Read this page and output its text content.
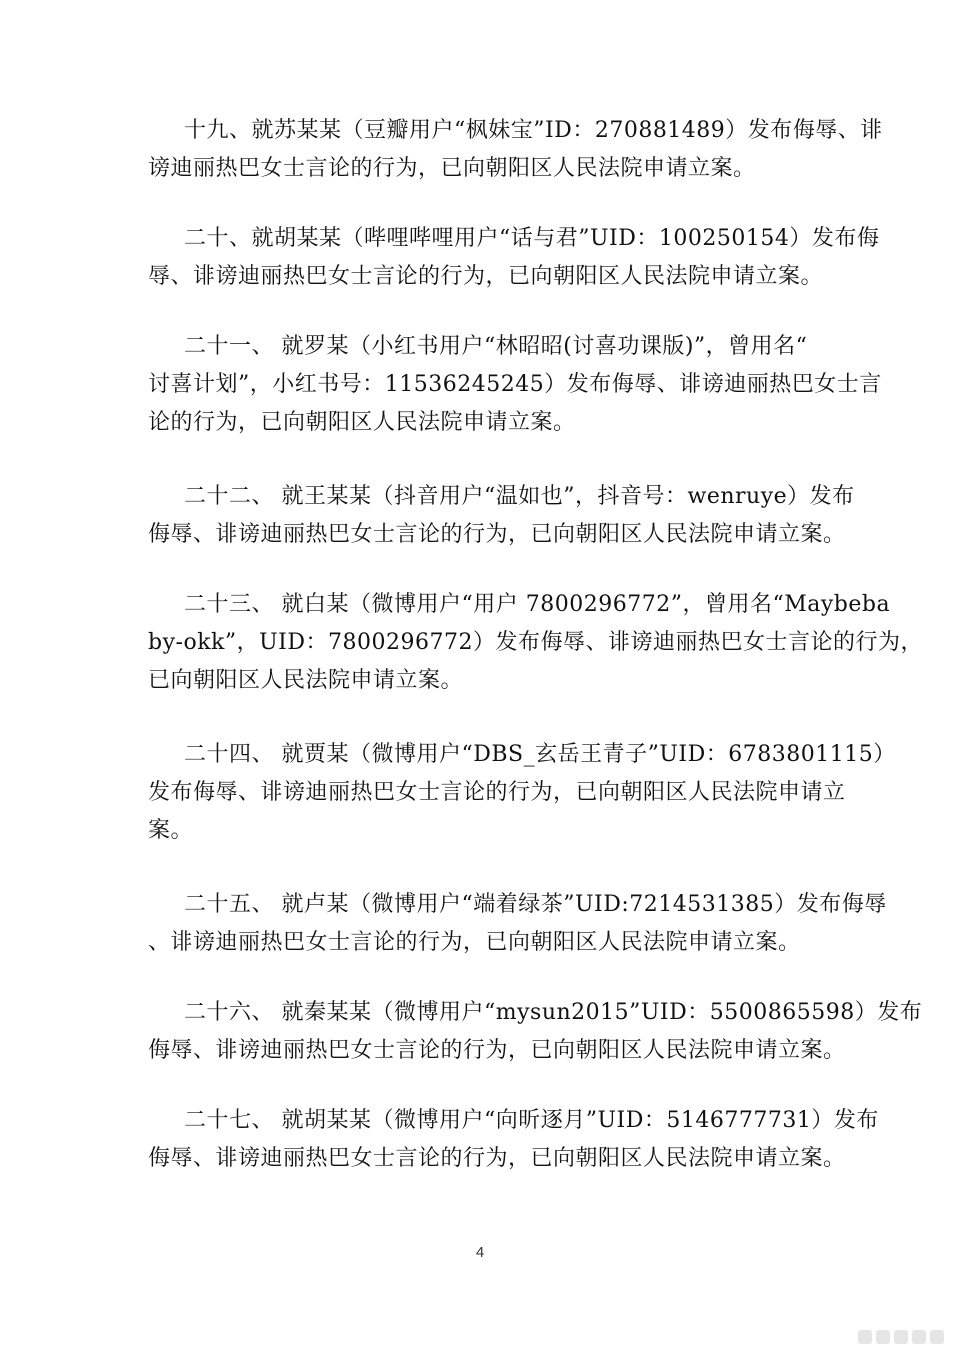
十九、就苏某某（豆瓣用户“枫妹宝”ID：270881489）发布侮辱、诽
谤迪丽热巴女士言论的行为，已向朝阳区人民法院申请立案。
二十、就胡某某（哔哩哔哩用户“话与君”UID：100250154）发布侮
辱、诽谤迪丽热巴女士言论的行为，已向朝阳区人民法院申请立案。
二十一、 就罗某（小红书用户“林昭昭(讨喜功课版)”，曾用名“
讨喜计划”，小红书号：11536245245）发布侮辱、诽谤迪丽热巴女士言
论的行为，已向朝阳区人民法院申请立案。
二十二、 就王某某（抖音用户“温如也”，抖音号：wenruye）发布
侮辱、诽谤迪丽热巴女士言论的行为，已向朝阳区人民法院申请立案。
二十三、 就白某（微博用户“用户 7800296772”，曾用名“Maybeba
by-okk”，UID：7800296772）发布侮辱、诽谤迪丽热巴女士言论的行为，
已向朝阳区人民法院申请立案。
二十四、 就贾某（微博用户“DBS_玄岳王青子”UID：6783801115）
发布侮辱、诽谤迪丽热巴女士言论的行为，已向朝阳区人民法院申请立
案。
二十五、 就卢某（微博用户“端着绿茶”UID:7214531385）发布侮辱
、诽谤迪丽热巴女士言论的行为，已向朝阳区人民法院申请立案。
二十六、 就秦某某（微博用户“mysun2015”UID：5500865598）发布
侮辱、诽谤迪丽热巴女士言论的行为，已向朝阳区人民法院申请立案。
二十七、 就胡某某（微博用户“向昕逐月”UID：5146777731）发布
侮辱、诽谤迪丽热巴女士言论的行为，已向朝阳区人民法院申请立案。
4
